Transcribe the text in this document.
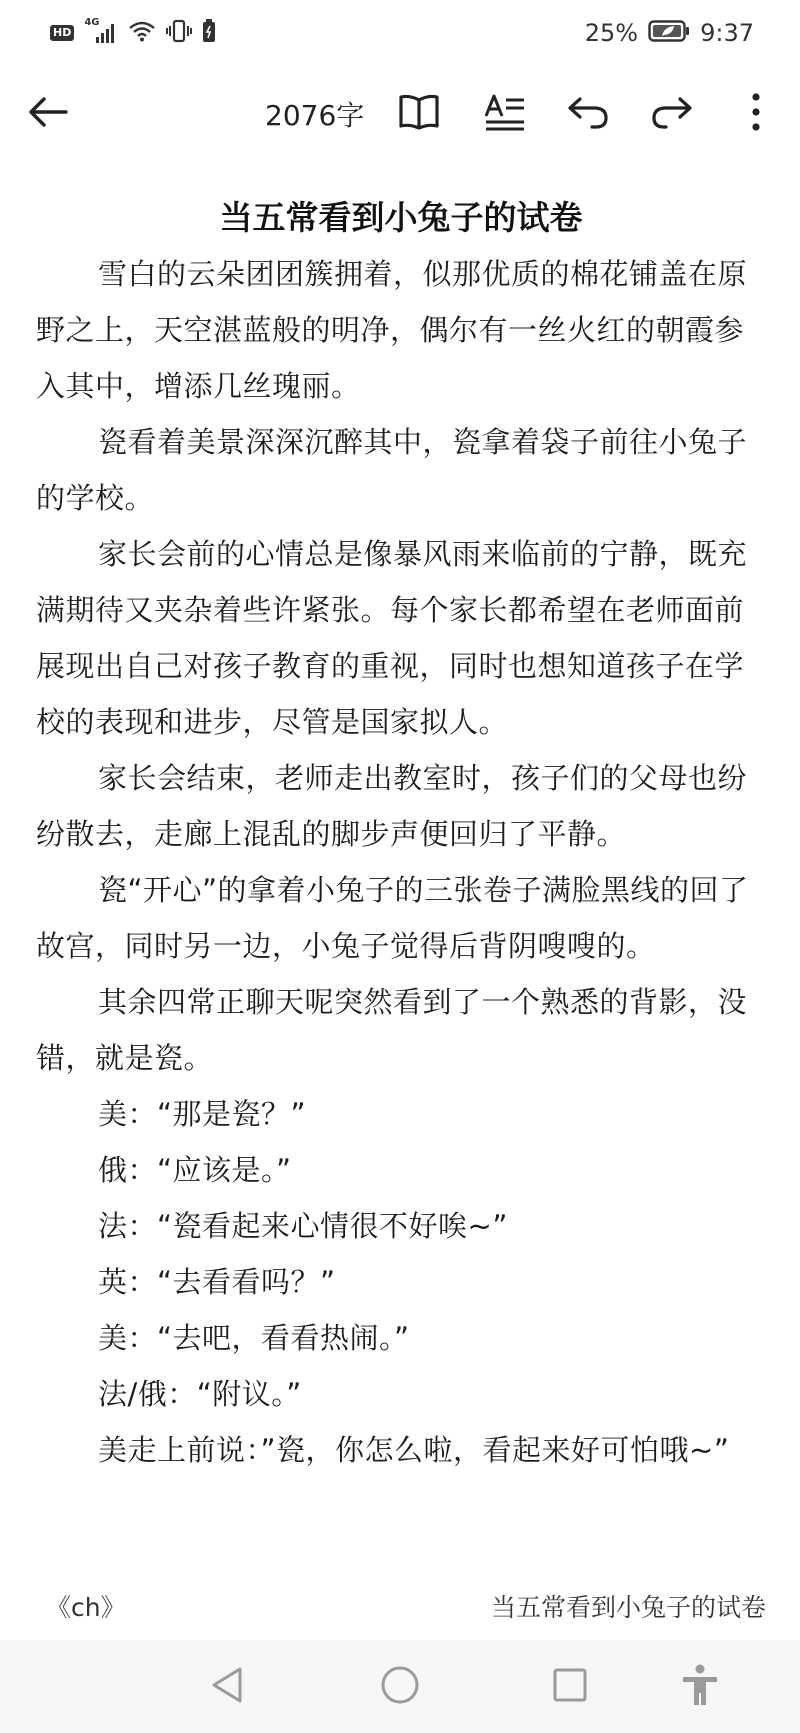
HD
4G	25%	9:37
2076字
当五常看到小兔子的试卷

雪白的云朵团团簇拥着，似那优质的棉花铺盖在原野之上，天空湛蓝般的明净，偶尔有一丝火红的朝霞参入其中，增添几丝瑰丽。

瓷看着美景深深沉醉其中，瓷拿着袋子前往小兔子的学校。

家长会前的心情总是像暴风雨来临前的宁静，既充满期待又夹杂着些许紧张。每个家长都希望在老师面前展现出自己对孩子教育的重视，同时也想知道孩子在学校的表现和进步，尽管是国家拟人。

家长会结束，老师走出教室时，孩子们的父母也纷纷散去，走廊上混乱的脚步声便回归了平静。

瓷“开心”的拿着小兔子的三张卷子满脸黑线的回了故宫，同时另一边，小兔子觉得后背阴嗖嗖的。

其余四常正聊天呢突然看到了一个熟悉的背影，没错，就是瓷。

美：“那是瓷？”

俄：“应该是。”

法：“瓷看起来心情很不好唉~”

英：“去看看吗？”

美：“去吧，看看热闹。”

法/俄：“附议。”

美走上前说：”瓷，你怎么啦，看起来好可怕哦~”

《ch》	当五常看到小兔子的试卷
